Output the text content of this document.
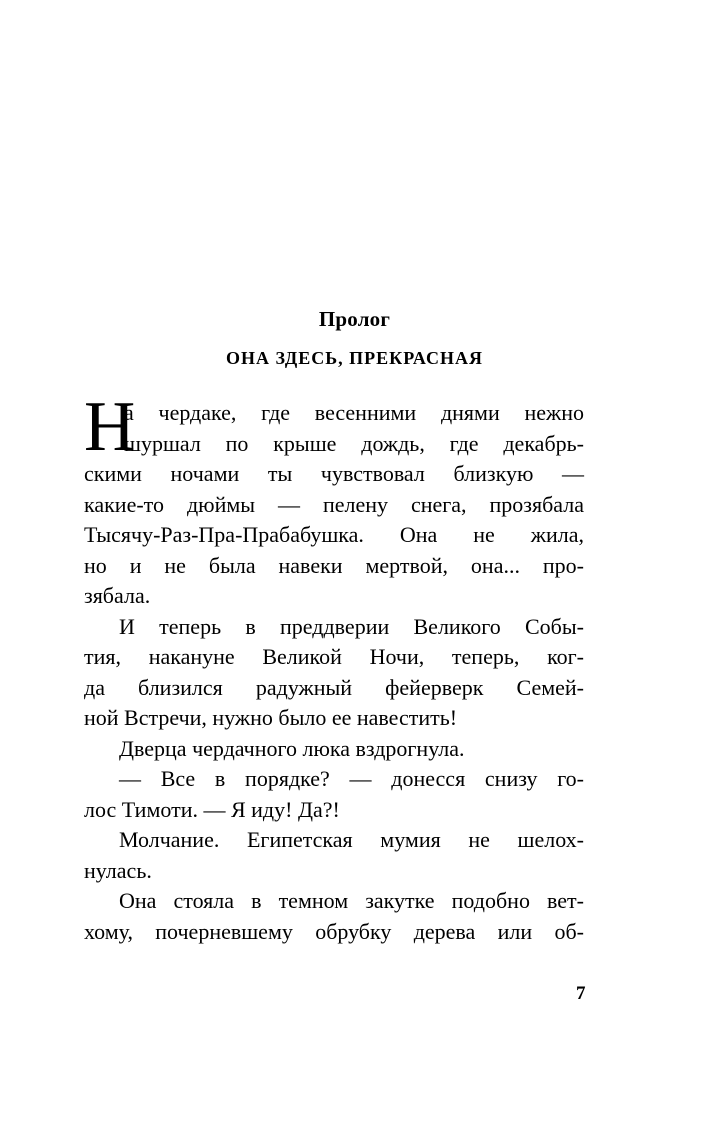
Пролог
ОНА ЗДЕСЬ, ПРЕКРАСНАЯ
Н
а чердаке, где весенними днями нежно
шуршал по крыше дождь, где декабрь-
скими ночами ты чувствовал близкую —
какие-то дюймы — пелену снега, прозябала
Тысячу-Раз-Пра-Прабабушка. Она не жила,
но и не была навеки мертвой, она... про-
зябала.
И теперь в преддверии Великого Собы-
тия, накануне Великой Ночи, теперь, ког-
да близился радужный фейерверк Семей-
ной Встречи, нужно было ее навестить!
Дверца чердачного люка вздрогнула.
— Все в порядке? — донесся снизу го-
лос Тимоти. — Я иду! Да?!
Молчание. Египетская мумия не шелох-
нулась.
Она стояла в темном закутке подобно вет-
хому, почерневшему обрубку дерева или об-
7
